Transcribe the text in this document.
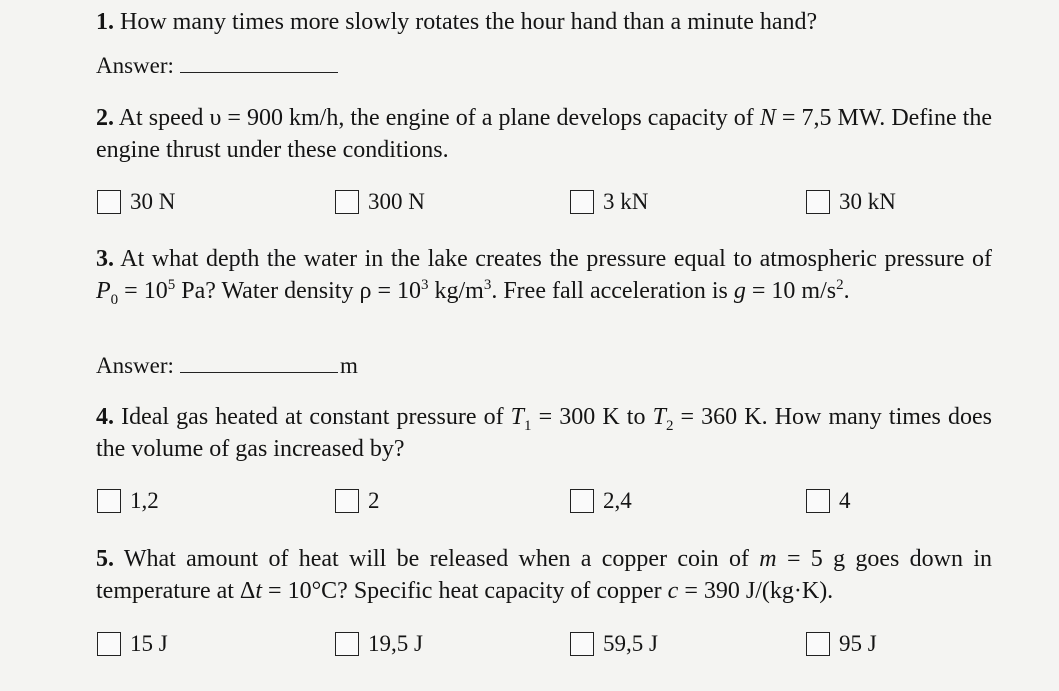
1. How many times more slowly rotates the hour hand than a minute hand?
Answer:
2. At speed υ = 900 km/h, the engine of a plane develops capacity of N = 7,5 MW. Define the engine thrust under these conditions.
30 N	300 N	3 kN	30 kN
3. At what depth the water in the lake creates the pressure equal to atmospheric pressure of $P_0 = 10^5$ Pa? Water density $\rho = 10^3$ $kg/m^3$. Free fall acceleration is g = 10 $m/s^2$.
Answer:	m
4. Ideal gas heated at constant pressure of $T_1 = 300$ K to $T_2 = 360$ K. How many times does the volume of gas increased by?
1,2	2	2,4	4
5. What amount of heat will be released when a copper coin of m = 5 g goes down in temperature at Δt = 10°C? Specific heat capacity of copper c = 390 J/(kg·K).
15 J	19,5 J	59,5 J	95 J
